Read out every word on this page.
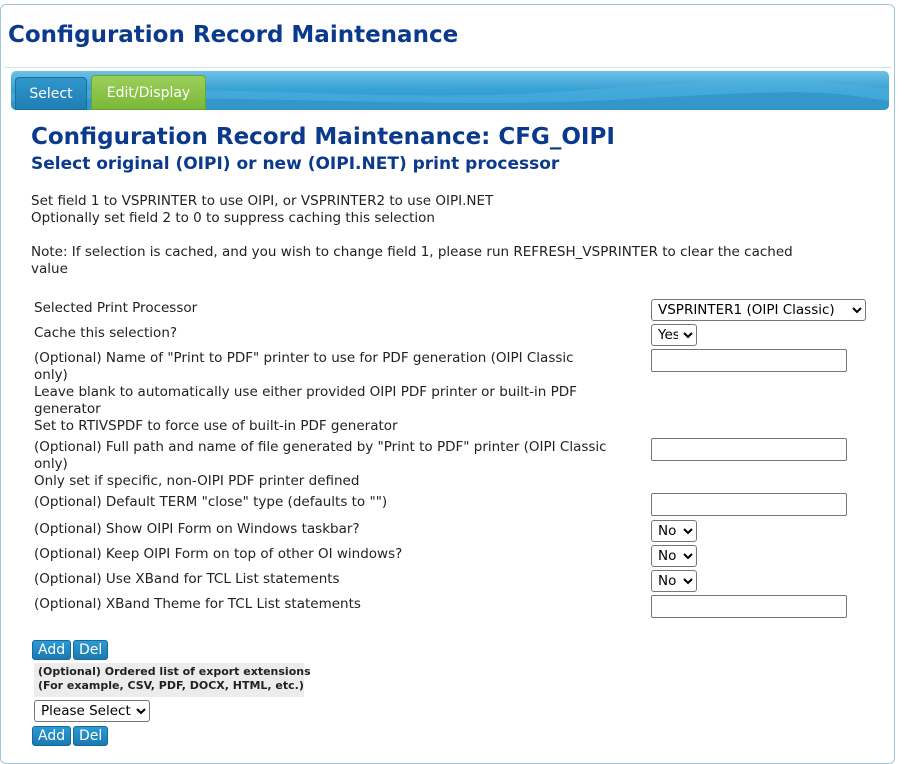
Configuration Record Maintenance
Select	Edit/Display
Configuration Record Maintenance: CFG_OIPI
Select original (OIPI) or new (OIPI.NET) print processor
Set field 1 to VSPRINTER to use OIPI, or VSPRINTER2 to use OIPI.NET
Optionally set field 2 to 0 to suppress caching this selection
Note: If selection is cached, and you wish to change field 1, please run REFRESH_VSPRINTER to clear the cached
value
Selected Print Processor
VSPRINTER1 (OIPI Classic)
Cache this selection?
Yes
(Optional) Name of "Print to PDF" printer to use for PDF generation (OIPI Classic
only)
Leave blank to automatically use either provided OIPI PDF printer or built-in PDF
generator
Set to RTIVSPDF to force use of built-in PDF generator
(Optional) Full path and name of file generated by "Print to PDF" printer (OIPI Classic
only)
Only set if specific, non-OIPI PDF printer defined
(Optional) Default TERM "close" type (defaults to "")
(Optional) Show OIPI Form on Windows taskbar?
No
(Optional) Keep OIPI Form on top of other OI windows?
No
(Optional) Use XBand for TCL List statements
No
(Optional) XBand Theme for TCL List statements
Add Del
(Optional) Ordered list of export extensions
(For example, CSV, PDF, DOCX, HTML, etc.)
Please Select
Add Del
